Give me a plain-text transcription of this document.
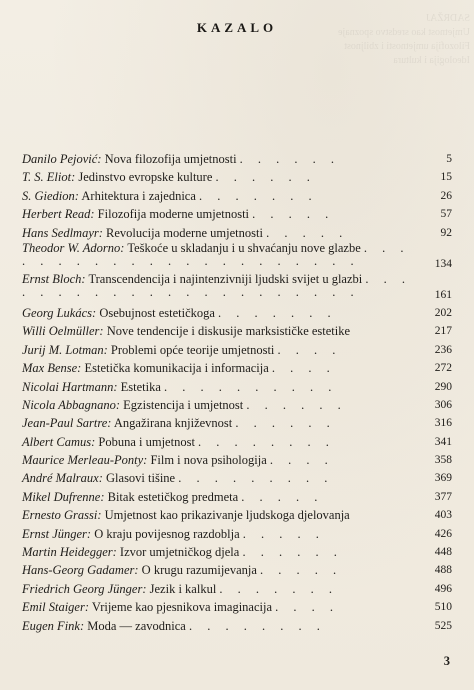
SADRŽAJ
Umjetnost kao sredstvo spoznaje
Filozofija umjetnosti i zbiljnost
Ideologija i kultura
KAZALO
Danilo Pejović: Nova filozofija umjetnosti . . . . . .	5
T. S. Eliot: Jedinstvo evropske kulture . . . . . .	15
S. Giedion: Arhitektura i zajednica . . . . . . .	26
Herbert Read: Filozofija moderne umjetnosti . . . . .	57
Hans Sedlmayr: Revolucija moderne umjetnosti . . . . .	92
Theodor W. Adorno: Teškoće u skladanju i u shvaćanju nove glazbe . . . . . . . . . . . . . . . . . . . . . .	134
Ernst Bloch: Transcendencija i najintenzivniji ljudski svijet u glazbi . . . . . . . . . . . . . . . . . . . . . .	161
Georg Lukács: Osebujnost estetičkoga . . . . . . .	202
Willi Oelmüller: Nove tendencije i diskusije marksističke estetike	217
Jurij M. Lotman: Problemi opće teorije umjetnosti . . . .	236
Max Bense: Estetička komunikacija i informacija . . . .	272
Nicolai Hartmann: Estetika . . . . . . . . . .	290
Nicola Abbagnano: Egzistencija i umjetnost . . . . . .	306
Jean-Paul Sartre: Angažirana književnost . . . . . .	316
Albert Camus: Pobuna i umjetnost . . . . . . . .	341
Maurice Merleau-Ponty: Film i nova psihologija . . . .	358
André Malraux: Glasovi tišine . . . . . . . . .	369
Mikel Dufrenne: Bitak estetičkog predmeta . . . . .	377
Ernesto Grassi: Umjetnost kao prikazivanje ljudskoga djelovanja	403
Ernst Jünger: O kraju povijesnog razdoblja . . . . .	426
Martin Heidegger: Izvor umjetničkog djela . . . . . .	448
Hans-Georg Gadamer: O krugu razumijevanja . . . . .	488
Friedrich Georg Jünger: Jezik i kalkul . . . . . . .	496
Emil Staiger: Vrijeme kao pjesnikova imaginacija . . . .	510
Eugen Fink: Moda — zavodnica . . . . . . . .	525
3
